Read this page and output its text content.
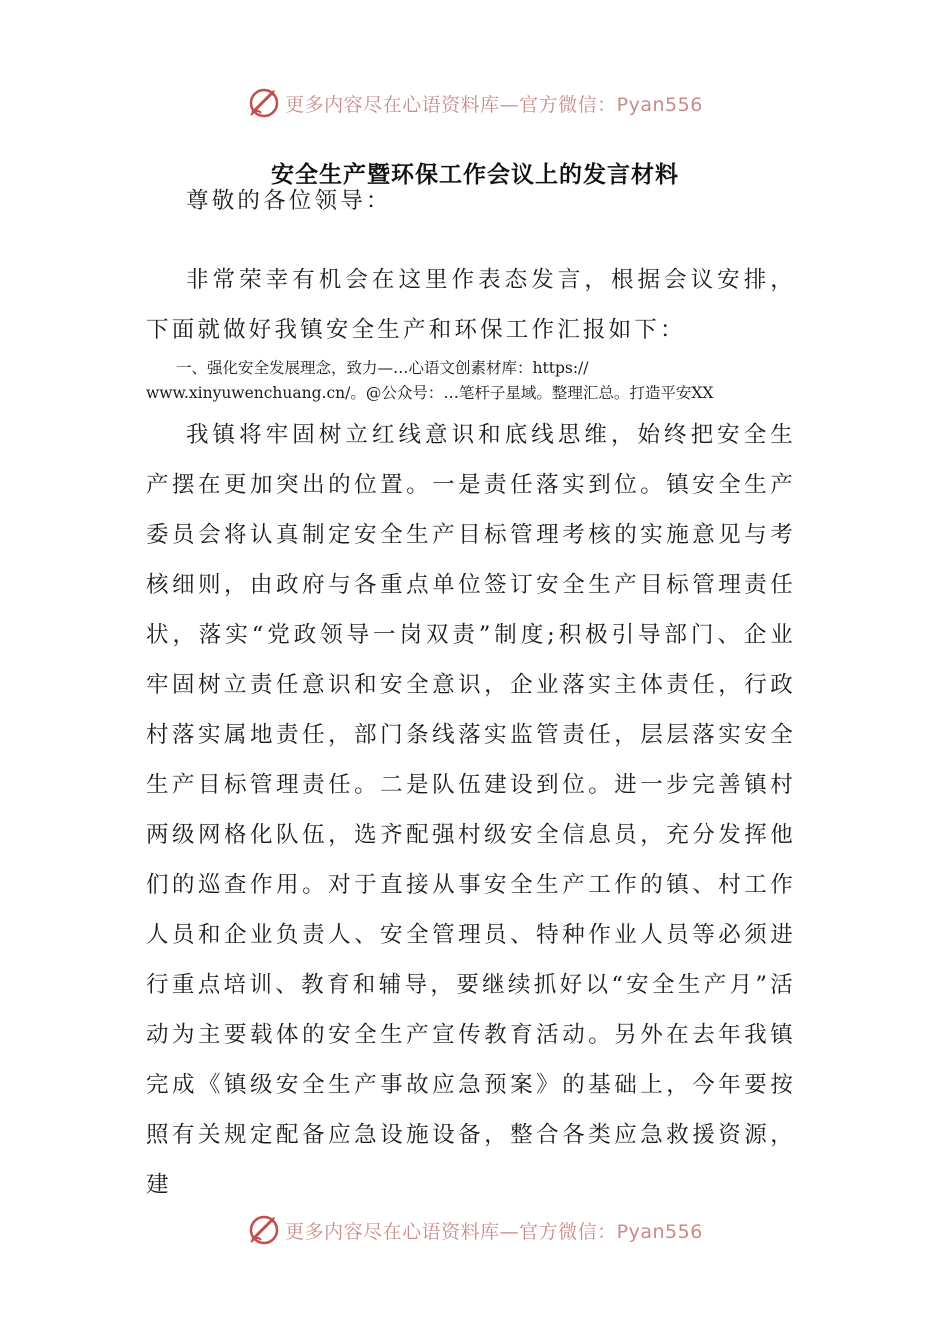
更多内容尽在心语资料库—官方微信：Pyan556
安全生产暨环保工作会议上的发言材料
尊敬的各位领导：
非常荣幸有机会在这里作表态发言，根据会议安排，下面就做好我镇安全生产和环保工作汇报如下：
一、强化安全发展理念，致力—…心语文创素材库：https://
www.xinyuwenchuang.cn/。@公众号：…笔杆子星域。整理汇总。打造平安XX
我镇将牢固树立红线意识和底线思维，始终把安全生产摆在更加突出的位置。一是责任落实到位。镇安全生产委员会将认真制定安全生产目标管理考核的实施意见与考核细则，由政府与各重点单位签订安全生产目标管理责任状，落实“党政领导一岗双责”制度;积极引导部门、企业牢固树立责任意识和安全意识，企业落实主体责任，行政村落实属地责任，部门条线落实监管责任，层层落实安全生产目标管理责任。二是队伍建设到位。进一步完善镇村两级网格化队伍，选齐配强村级安全信息员，充分发挥他们的巡查作用。对于直接从事安全生产工作的镇、村工作人员和企业负责人、安全管理员、特种作业人员等必须进行重点培训、教育和辅导，要继续抓好以“安全生产月”活动为主要载体的安全生产宣传教育活动。另外在去年我镇完成《镇级安全生产事故应急预案》的基础上，今年要按照有关规定配备应急设施设备，整合各类应急救援资源，建
更多内容尽在心语资料库—官方微信：Pyan556
